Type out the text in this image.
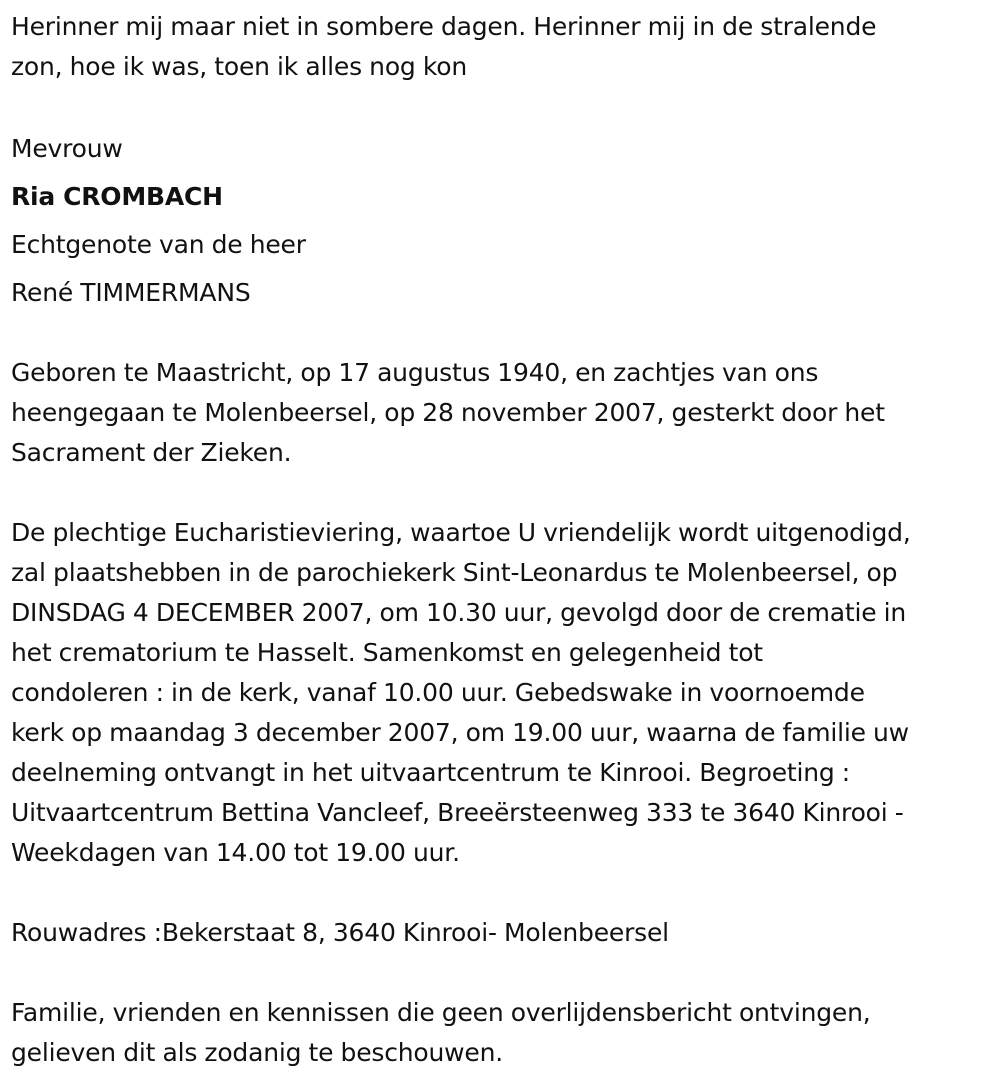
Herinner mij maar niet in sombere dagen. Herinner mij in de stralende
zon, hoe ik was, toen ik alles nog kon

Mevrouw

Ria CROMBACH

Echtgenote van de heer

René TIMMERMANS

Geboren te Maastricht, op 17 augustus 1940, en zachtjes van ons
heengegaan te Molenbeersel, op 28 november 2007, gesterkt door het
Sacrament der Zieken.

De plechtige Eucharistieviering, waartoe U vriendelijk wordt uitgenodigd,
zal plaatshebben in de parochiekerk Sint-Leonardus te Molenbeersel, op
DINSDAG 4 DECEMBER 2007, om 10.30 uur, gevolgd door de crematie in
het crematorium te Hasselt. Samenkomst en gelegenheid tot
condoleren : in de kerk, vanaf 10.00 uur. Gebedswake in voornoemde
kerk op maandag 3 december 2007, om 19.00 uur, waarna de familie uw
deelneming ontvangt in het uitvaartcentrum te Kinrooi. Begroeting :
Uitvaartcentrum Bettina Vancleef, Breeërsteenweg 333 te 3640 Kinrooi -
Weekdagen van 14.00 tot 19.00 uur.

Rouwadres :Bekerstaat 8, 3640 Kinrooi- Molenbeersel

Familie, vrienden en kennissen die geen overlijdensbericht ontvingen,
gelieven dit als zodanig te beschouwen.
